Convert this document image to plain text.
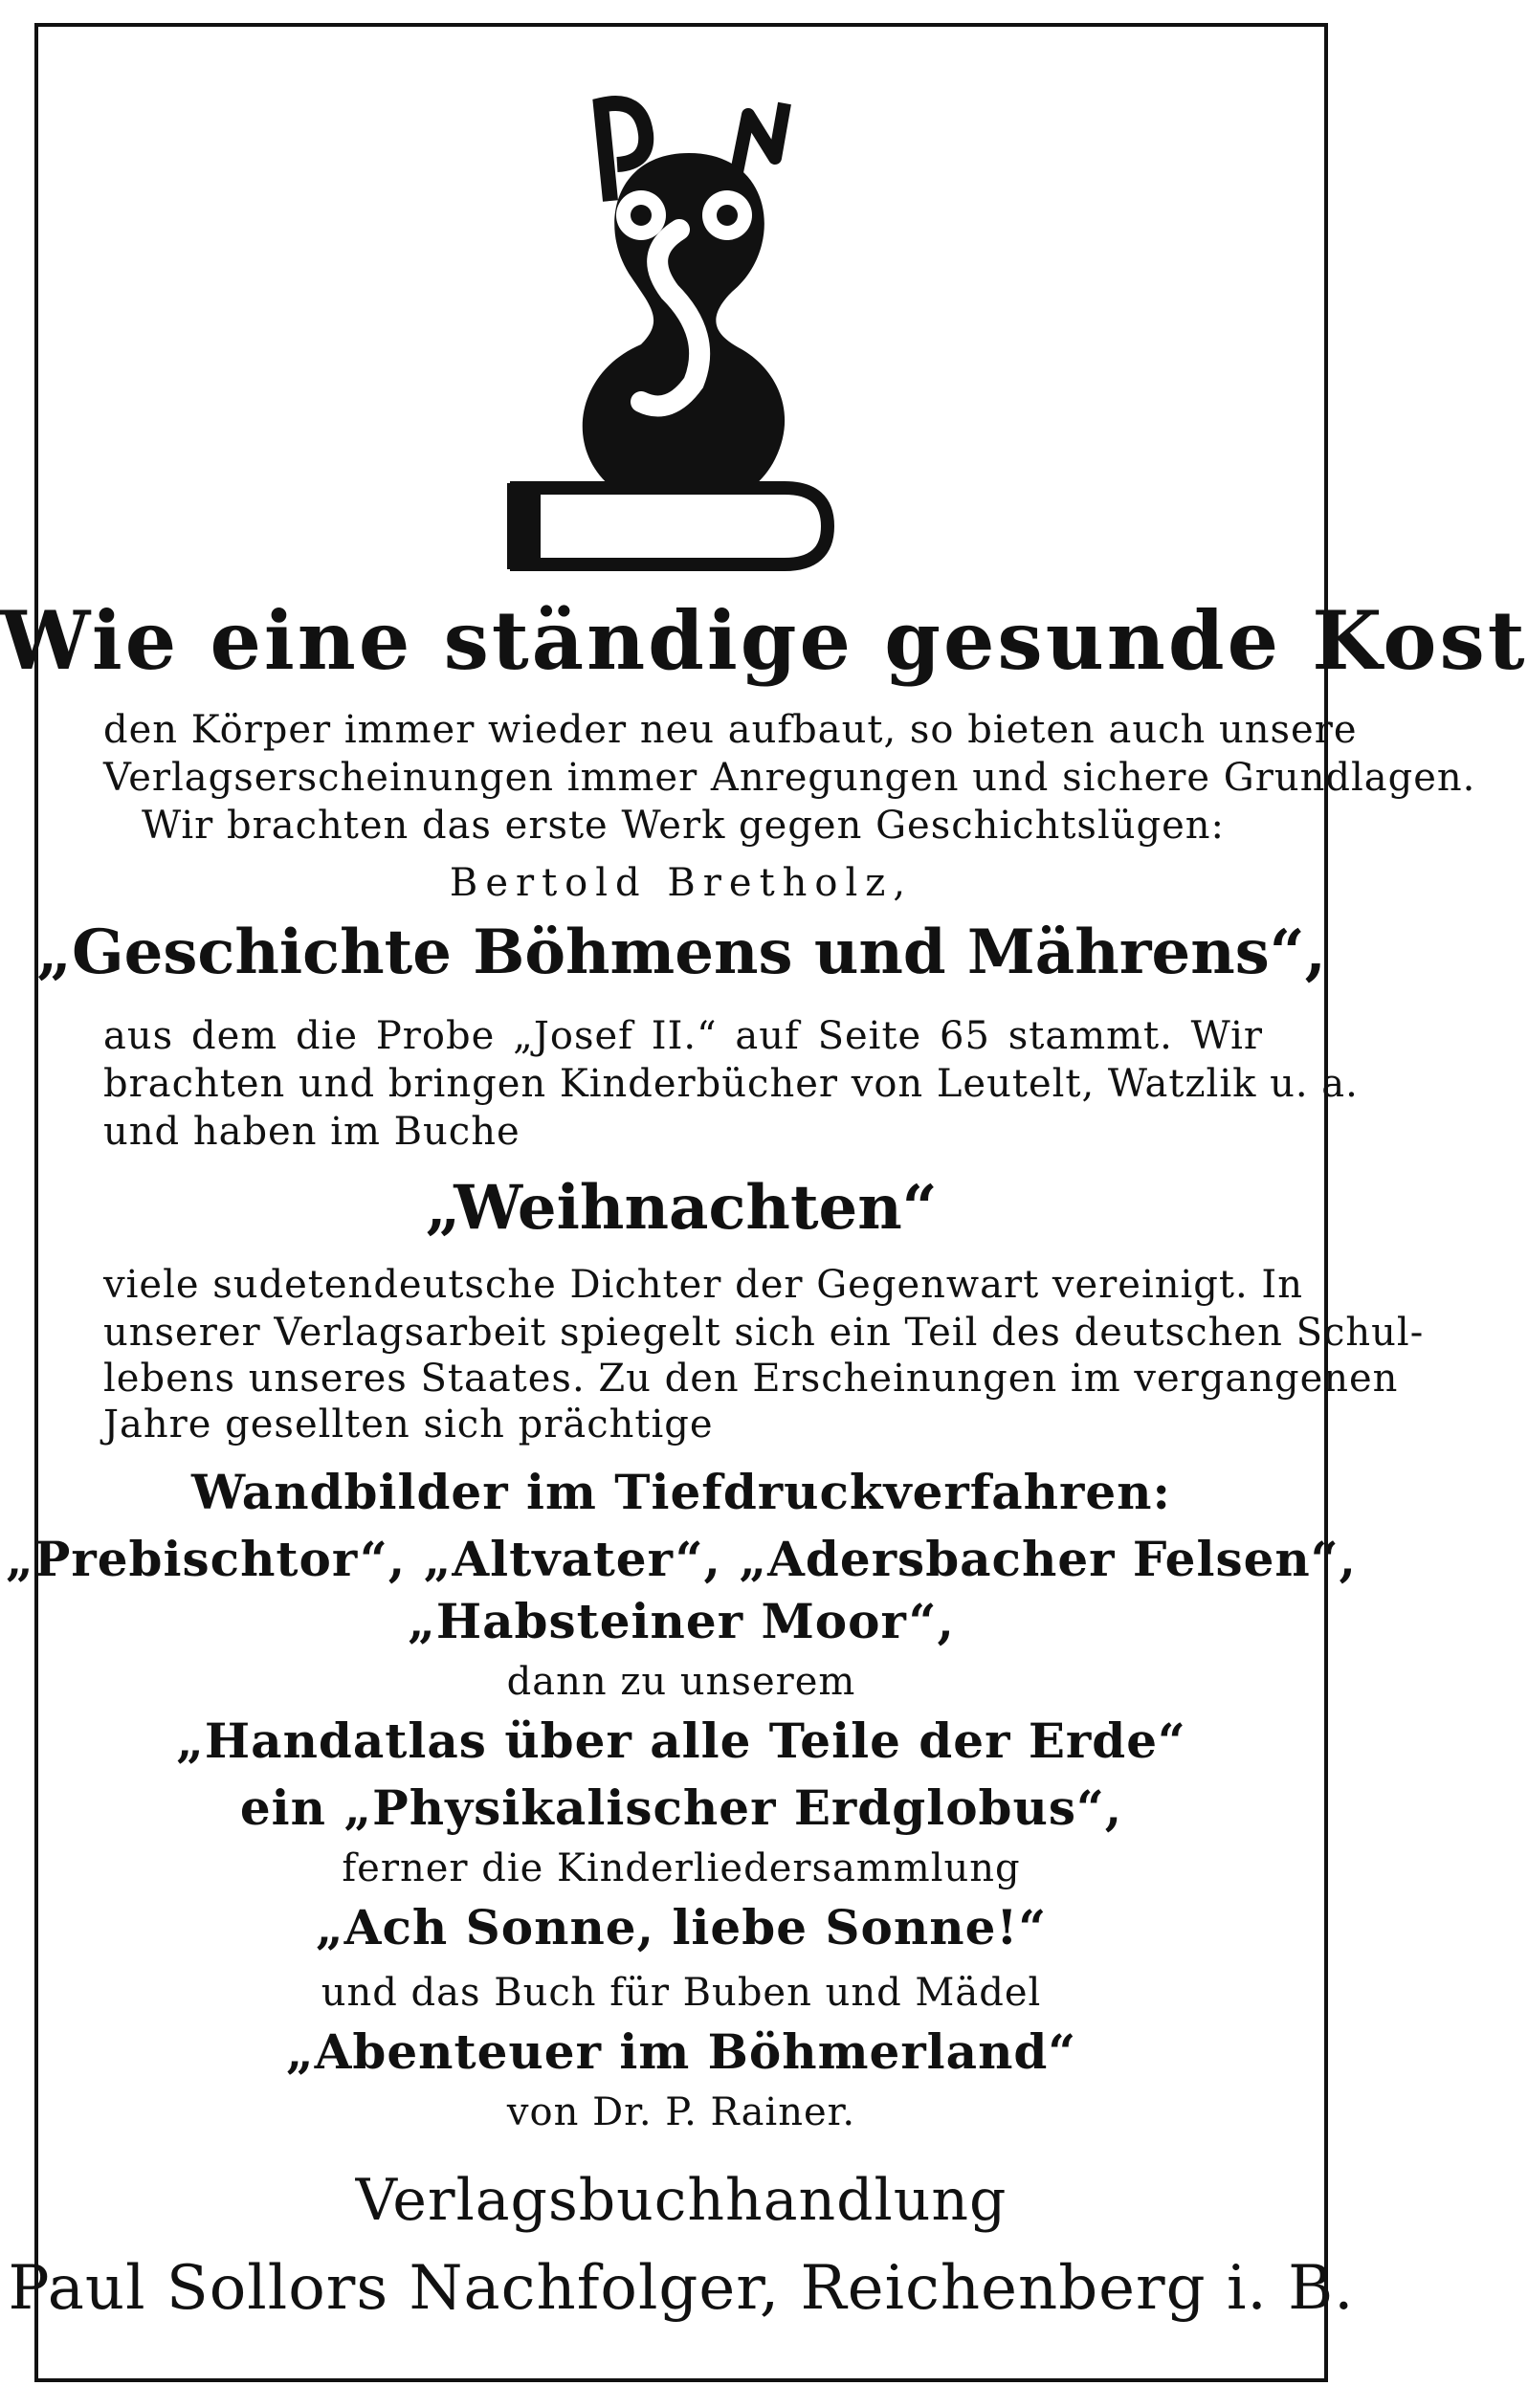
Wie eine ständige gesunde Kost
den Körper immer wieder neu aufbaut, so bieten auch unsere
Verlagserscheinungen immer Anregungen und sichere Grundlagen.
Wir brachten das erste Werk gegen Geschichtslügen:
Bertold Bretholz,
„Geschichte Böhmens und Mährens“,
aus dem die Probe „Josef II.“ auf Seite 65 stammt. Wir
brachten und bringen Kinderbücher von Leutelt, Watzlik u. a.
und haben im Buche
„Weihnachten“
viele sudetendeutsche Dichter der Gegenwart vereinigt. In
unserer Verlagsarbeit spiegelt sich ein Teil des deutschen Schul-
lebens unseres Staates. Zu den Erscheinungen im vergangenen
Jahre gesellten sich prächtige
Wandbilder im Tiefdruckverfahren:
„Prebischtor“, „Altvater“, „Adersbacher Felsen“,
„Habsteiner Moor“,
dann zu unserem
„Handatlas über alle Teile der Erde“
ein „Physikalischer Erdglobus“,
ferner die Kinderliedersammlung
„Ach Sonne, liebe Sonne!“
und das Buch für Buben und Mädel
„Abenteuer im Böhmerland“
von Dr. P. Rainer.
Verlagsbuchhandlung
Paul Sollors Nachfolger, Reichenberg i. B.
